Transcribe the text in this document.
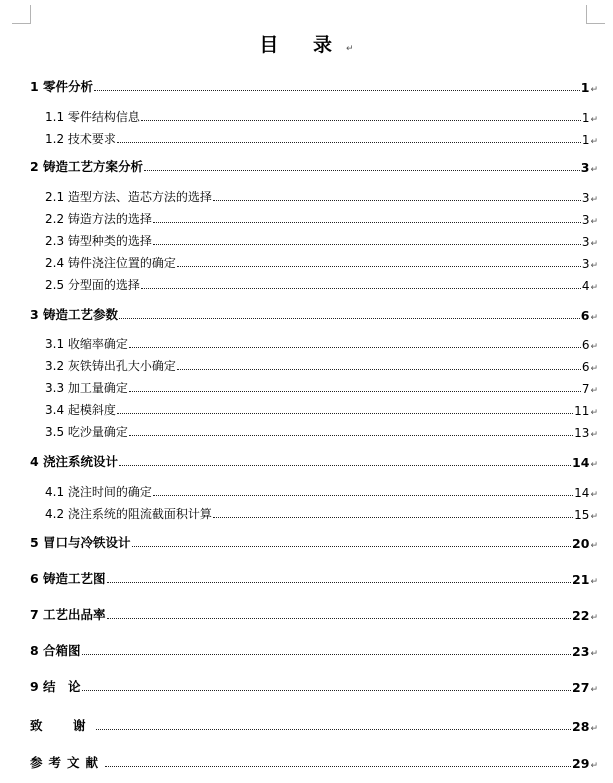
目 录↵
1 零件分析	1 ↵
1.1 零件结构信息	1 ↵
1.2 技术要求	1 ↵
2 铸造工艺方案分析	3 ↵
2.1 造型方法、造芯方法的选择	3 ↵
2.2 铸造方法的选择	3 ↵
2.3 铸型种类的选择	3 ↵
2.4 铸件浇注位置的确定	3 ↵
2.5 分型面的选择	4 ↵
3 铸造工艺参数	6 ↵
3.1 收缩率确定	6 ↵
3.2 灰铁铸出孔大小确定	6 ↵
3.3 加工量确定	7 ↵
3.4 起模斜度	11 ↵
3.5 吃沙量确定	13 ↵
4 浇注系统设计	14 ↵
4.1 浇注时间的确定	14 ↵
4.2 浇注系统的阻流截面积计算	15 ↵
5 冒口与冷铁设计	20 ↵
6 铸造工艺图	21 ↵
7 工艺出品率	22 ↵
8 合箱图	23 ↵
9 结　论	27 ↵
致　谢	28 ↵
参考文献	29 ↵
